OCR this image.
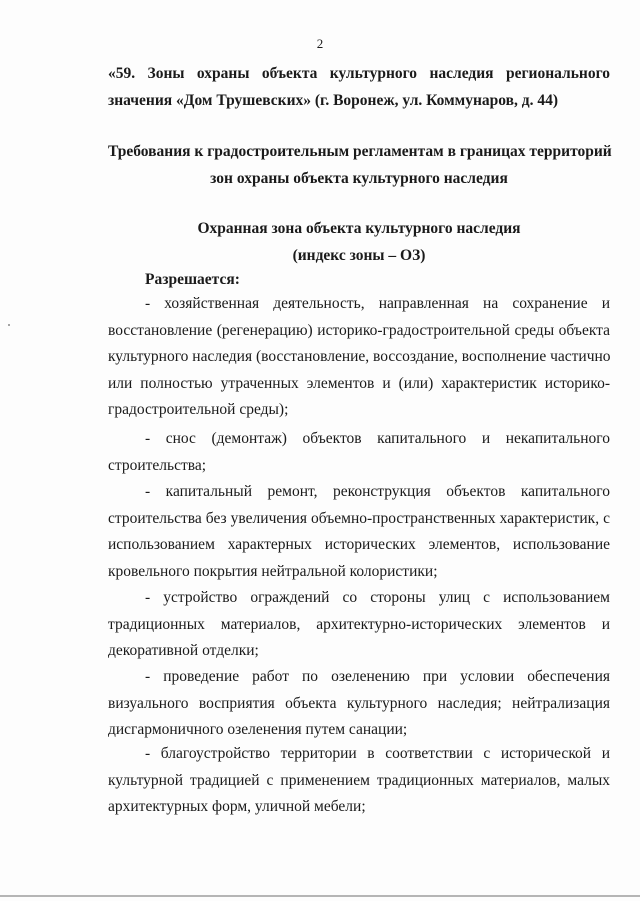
2
«59. Зоны охраны объекта культурного наследия регионального
значения «Дом Трушевских» (г. Воронеж, ул. Коммунаров, д. 44)
Требования к градостроительным регламентам в границах территорий
зон охраны объекта культурного наследия
Охранная зона объекта культурного наследия
(индекс зоны – ОЗ)
Разрешается:
- хозяйственная деятельность, направленная на сохранение и
восстановление (регенерацию) историко-градостроительной среды объекта
культурного наследия (восстановление, воссоздание, восполнение частично
или полностью утраченных элементов и (или) характеристик историко-
градостроительной среды);
- снос (демонтаж) объектов капитального и некапитального
строительства;
- капитальный ремонт, реконструкция объектов капитального
строительства без увеличения объемно-пространственных характеристик, с
использованием характерных исторических элементов, использование
кровельного покрытия нейтральной колористики;
- устройство ограждений со стороны улиц с использованием
традиционных материалов, архитектурно-исторических элементов и
декоративной отделки;
- проведение работ по озеленению при условии обеспечения
визуального восприятия объекта культурного наследия; нейтрализация
дисгармоничного озеленения путем санации;
- благоустройство территории в соответствии с исторической и
культурной традицией с применением традиционных материалов, малых
архитектурных форм, уличной мебели;
